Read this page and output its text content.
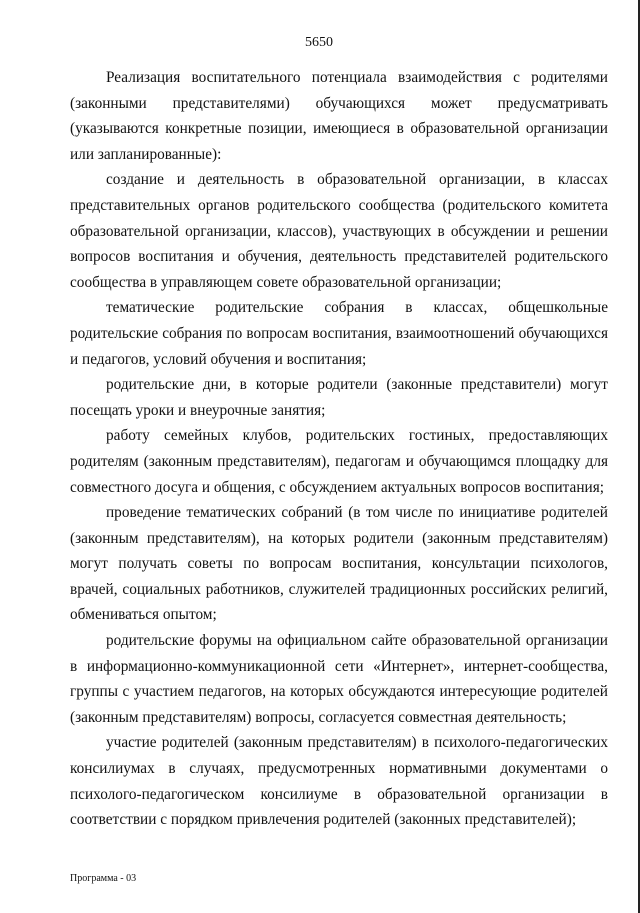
5650

Реализация воспитательного потенциала взаимодействия с родителями (законными представителями) обучающихся может предусматривать (указываются конкретные позиции, имеющиеся в образовательной организации или запланированные):

создание и деятельность в образовательной организации, в классах представительных органов родительского сообщества (родительского комитета образовательной организации, классов), участвующих в обсуждении и решении вопросов воспитания и обучения, деятельность представителей родительского сообщества в управляющем совете образовательной организации;

тематические родительские собрания в классах, общешкольные родительские собрания по вопросам воспитания, взаимоотношений обучающихся и педагогов, условий обучения и воспитания;

родительские дни, в которые родители (законные представители) могут посещать уроки и внеурочные занятия;

работу семейных клубов, родительских гостиных, предоставляющих родителям (законным представителям), педагогам и обучающимся площадку для совместного досуга и общения, с обсуждением актуальных вопросов воспитания;

проведение тематических собраний (в том числе по инициативе родителей (законным представителям), на которых родители (законным представителям) могут получать советы по вопросам воспитания, консультации психологов, врачей, социальных работников, служителей традиционных российских религий, обмениваться опытом;

родительские форумы на официальном сайте образовательной организации в информационно-коммуникационной сети «Интернет», интернет-сообщества, группы с участием педагогов, на которых обсуждаются интересующие родителей (законным представителям) вопросы, согласуется совместная деятельность;

участие родителей (законным представителям) в психолого-педагогических консилиумах в случаях, предусмотренных нормативными документами о психолого-педагогическом консилиуме в образовательной организации в соответствии с порядком привлечения родителей (законных представителей);

Программа - 03
